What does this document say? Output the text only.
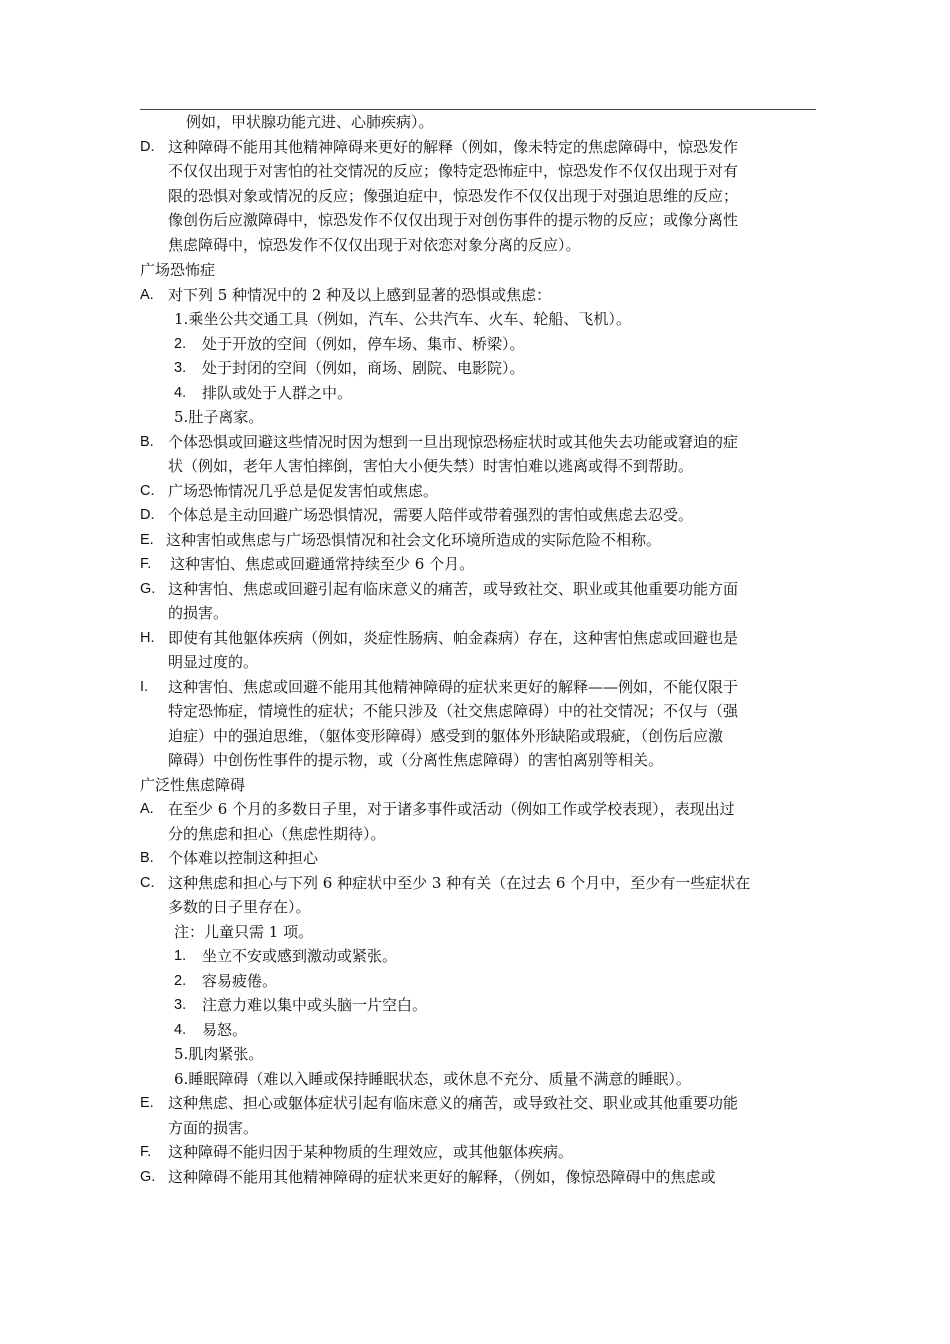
例如，甲状腺功能亢进、心肺疾病）。
D. 这种障碍不能用其他精神障碍来更好的解释（例如，像未特定的焦虑障碍中，惊恐发作
不仅仅出现于对害怕的社交情况的反应；像特定恐怖症中，惊恐发作不仅仅出现于对有
限的恐惧对象或情况的反应；像强迫症中，惊恐发作不仅仅出现于对强迫思维的反应；
像创伤后应激障碍中，惊恐发作不仅仅出现于对创伤事件的提示物的反应；或像分离性
焦虑障碍中，惊恐发作不仅仅出现于对依恋对象分离的反应）。
广场恐怖症
A. 对下列 5 种情况中的 2 种及以上感到显著的恐惧或焦虑：
1.乘坐公共交通工具（例如，汽车、公共汽车、火车、轮船、飞机）。
2.	处于开放的空间（例如，停车场、集市、桥梁）。
3.	处于封闭的空间（例如，商场、剧院、电影院）。
4.	排队或处于人群之中。
5.肚子离家。
B. 个体恐惧或回避这些情况时因为想到一旦出现惊恐杨症状时或其他失去功能或窘迫的症
状（例如，老年人害怕摔倒，害怕大小便失禁）时害怕难以逃离或得不到帮助。
C. 广场恐怖情况几乎总是促发害怕或焦虑。
D. 个体总是主动回避广场恐惧情况，需要人陪伴或带着强烈的害怕或焦虑去忍受。
E. 这种害怕或焦虑与广场恐惧情况和社会文化环境所造成的实际危险不相称。
F.	这种害怕、焦虑或回避通常持续至少 6 个月。
G. 这种害怕、焦虑或回避引起有临床意义的痛苦，或导致社交、职业或其他重要功能方面
的损害。
H. 即使有其他躯体疾病（例如，炎症性肠病、帕金森病）存在，这种害怕焦虑或回避也是
明显过度的。
I.	这种害怕、焦虑或回避不能用其他精神障碍的症状来更好的解释——例如，不能仅限于
特定恐怖症，情境性的症状；不能只涉及（社交焦虑障碍）中的社交情况；不仅与（强
迫症）中的强迫思维，（躯体变形障碍）感受到的躯体外形缺陷或瑕疵，（创伤后应激
障碍）中创伤性事件的提示物，或（分离性焦虑障碍）的害怕离别等相关。
广泛性焦虑障碍
A. 在至少 6 个月的多数日子里，对于诸多事件或活动（例如工作或学校表现），表现出过
分的焦虑和担心（焦虑性期待）。
B. 个体难以控制这种担心
C. 这种焦虑和担心与下列 6 种症状中至少 3 种有关（在过去 6 个月中，至少有一些症状在
多数的日子里存在）。
注：儿童只需 1 项。
1.	坐立不安或感到激动或紧张。
2.	容易疲倦。
3.	注意力难以集中或头脑一片空白。
4.	易怒。
5.肌肉紧张。
6.睡眠障碍（难以入睡或保持睡眠状态，或休息不充分、质量不满意的睡眠）。
E. 这种焦虑、担心或躯体症状引起有临床意义的痛苦，或导致社交、职业或其他重要功能
方面的损害。
F.	这种障碍不能归因于某种物质的生理效应，或其他躯体疾病。
G. 这种障碍不能用其他精神障碍的症状来更好的解释，（例如，像惊恐障碍中的焦虑或
